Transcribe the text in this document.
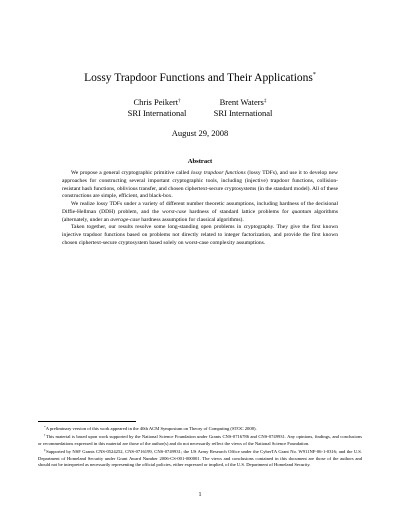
Lossy Trapdoor Functions and Their Applications*
Chris Peikert†
SRI International
Brent Waters‡
SRI International
August 29, 2008
Abstract

We propose a general cryptographic primitive called lossy trapdoor functions (lossy TDFs), and use it to develop new approaches for constructing several important cryptographic tools, including (injective) trapdoor functions, collision-resistant hash functions, oblivious transfer, and chosen ciphertext-secure cryptosystems (in the standard model). All of these constructions are simple, efficient, and black-box.

We realize lossy TDFs under a variety of different number theoretic assumptions, including hardness of the decisional Diffie-Hellman (DDH) problem, and the worst-case hardness of standard lattice problems for quantum algorithms (alternately, under an average-case hardness assumption for classical algorithms).

Taken together, our results resolve some long-standing open problems in cryptography. They give the first known injective trapdoor functions based on problems not directly related to integer factorization, and provide the first known chosen ciphertext-secure cryptosystem based solely on worst-case complexity assumptions.

*A preliminary version of this work appeared in the 40th ACM Symposium on Theory of Computing (STOC 2008).

†This material is based upon work supported by the National Science Foundation under Grants CNS-0716786 and CNS-0749931. Any opinions, findings, and conclusions or recommedations expressed in this material are those of the author(s) and do not necessarily reflect the views of the National Science Foundation.

‡Supported by NSF Grants CNS-0524252, CNS-0716199, CNS-0749931; the US Army Research Office under the CyberTA Grant No. W911NF-06-1-0316; and the U.S. Department of Homeland Security under Grant Award Number 2006-CS-001-000001. The views and conclusions contained in this document are those of the authors and should not be interpreted as necessarily representing the official policies, either expressed or implied, of the U.S. Department of Homeland Security.

1
